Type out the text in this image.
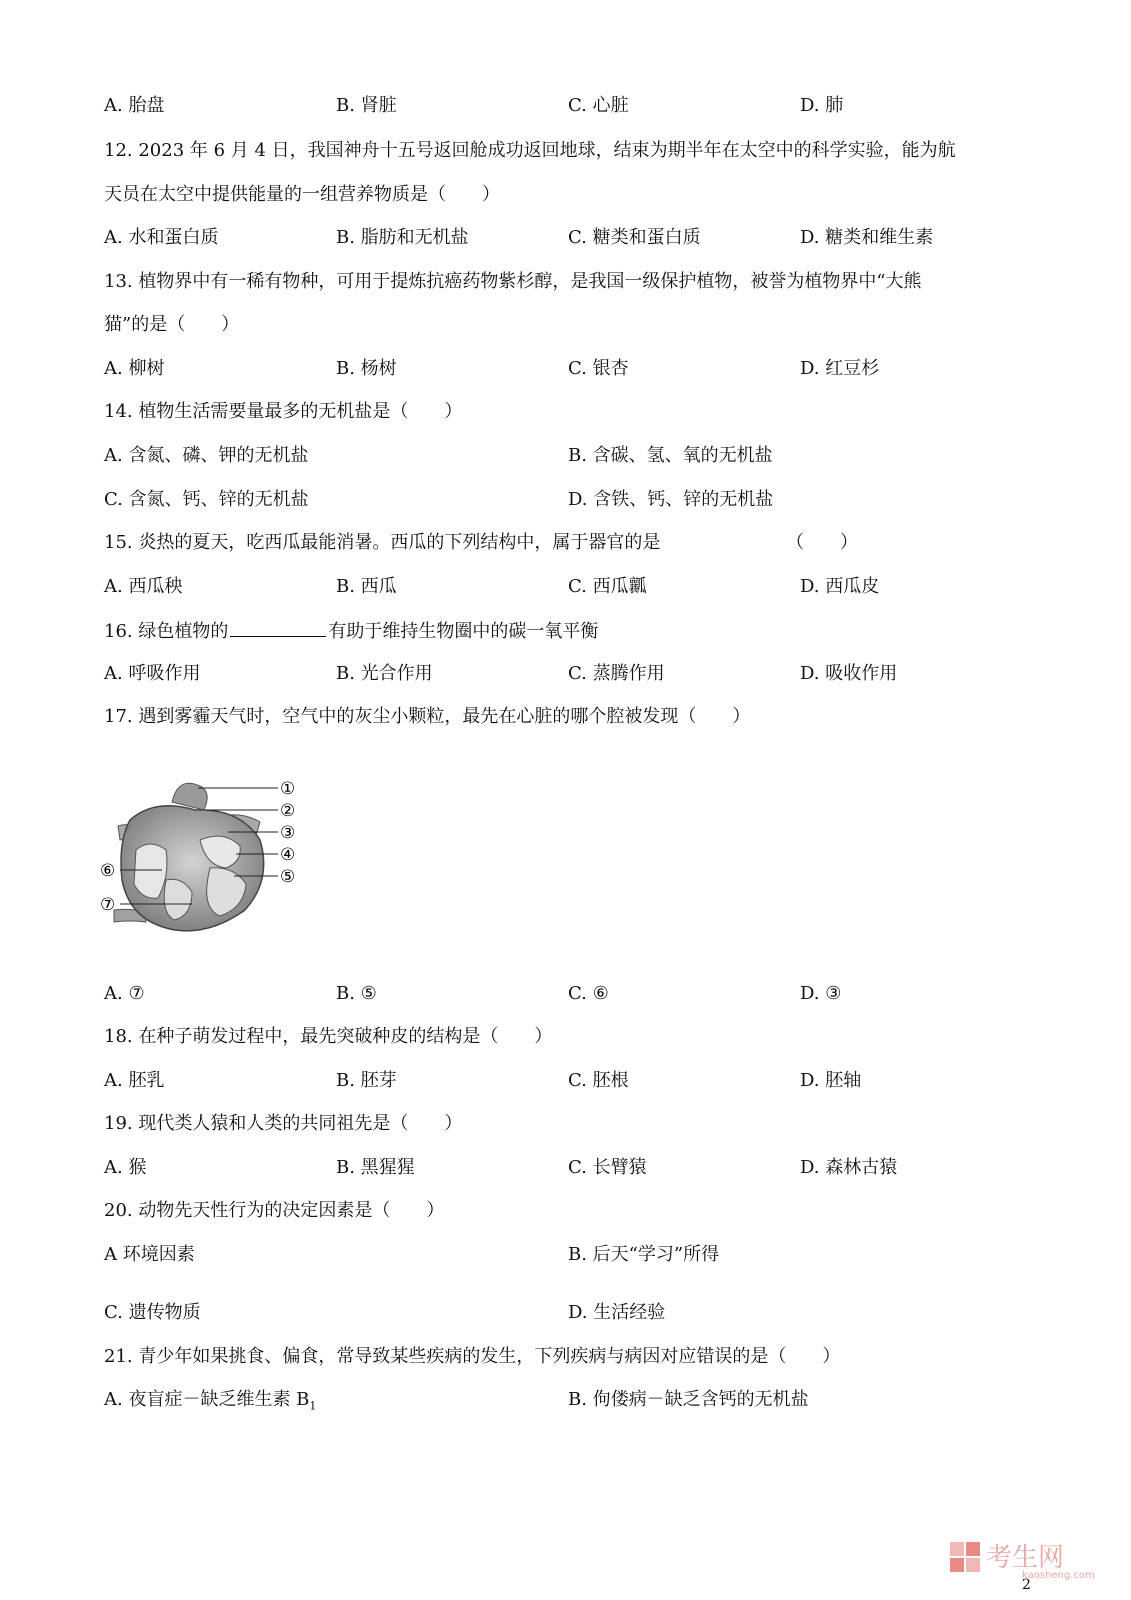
A. 胎盘	B. 肾脏	C. 心脏	D. 肺
12. 2023 年 6 月 4 日，我国神舟十五号返回舱成功返回地球，结束为期半年在太空中的科学实验，能为航
天员在太空中提供能量的一组营养物质是（　　）
A. 水和蛋白质	B. 脂肪和无机盐	C. 糖类和蛋白质	D. 糖类和维生素
13. 植物界中有一稀有物种，可用于提炼抗癌药物紫杉醇，是我国一级保护植物，被誉为植物界中“大熊
猫”的是（　　）
A. 柳树	B. 杨树	C. 银杏	D. 红豆杉
14. 植物生活需要量最多的无机盐是（　　）
A. 含氮、磷、钾的无机盐	B. 含碳、氢、氧的无机盐
C. 含氮、钙、锌的无机盐	D. 含铁、钙、锌的无机盐
15. 炎热的夏天，吃西瓜最能消暑。西瓜的下列结构中，属于器官的是	（　　）
A. 西瓜秧	B. 西瓜	C. 西瓜瓤	D. 西瓜皮
16. 绿色植物的	有助于维持生物圈中的碳一氧平衡
A. 呼吸作用	B. 光合作用	C. 蒸腾作用	D. 吸收作用
17. 遇到雾霾天气时，空气中的灰尘小颗粒，最先在心脏的哪个腔被发现（　　）
①
②
③
④
⑤
⑥
⑦
A. ⑦	B. ⑤	C. ⑥	D. ③
18. 在种子萌发过程中，最先突破种皮的结构是（　　）
A. 胚乳	B. 胚芽	C. 胚根	D. 胚轴
19. 现代类人猿和人类的共同祖先是（　　）
A. 猴	B. 黑猩猩	C. 长臂猿	D. 森林古猿
20. 动物先天性行为的决定因素是（　　）
A 环境因素	B. 后天“学习”所得
C. 遗传物质	D. 生活经验
21. 青少年如果挑食、偏食，常导致某些疾病的发生，下列疾病与病因对应错误的是（　　）
A. 夜盲症－缺乏维生素 $B_1$	B. 佝偻病－缺乏含钙的无机盐
考生网
kaosheng.com
2
